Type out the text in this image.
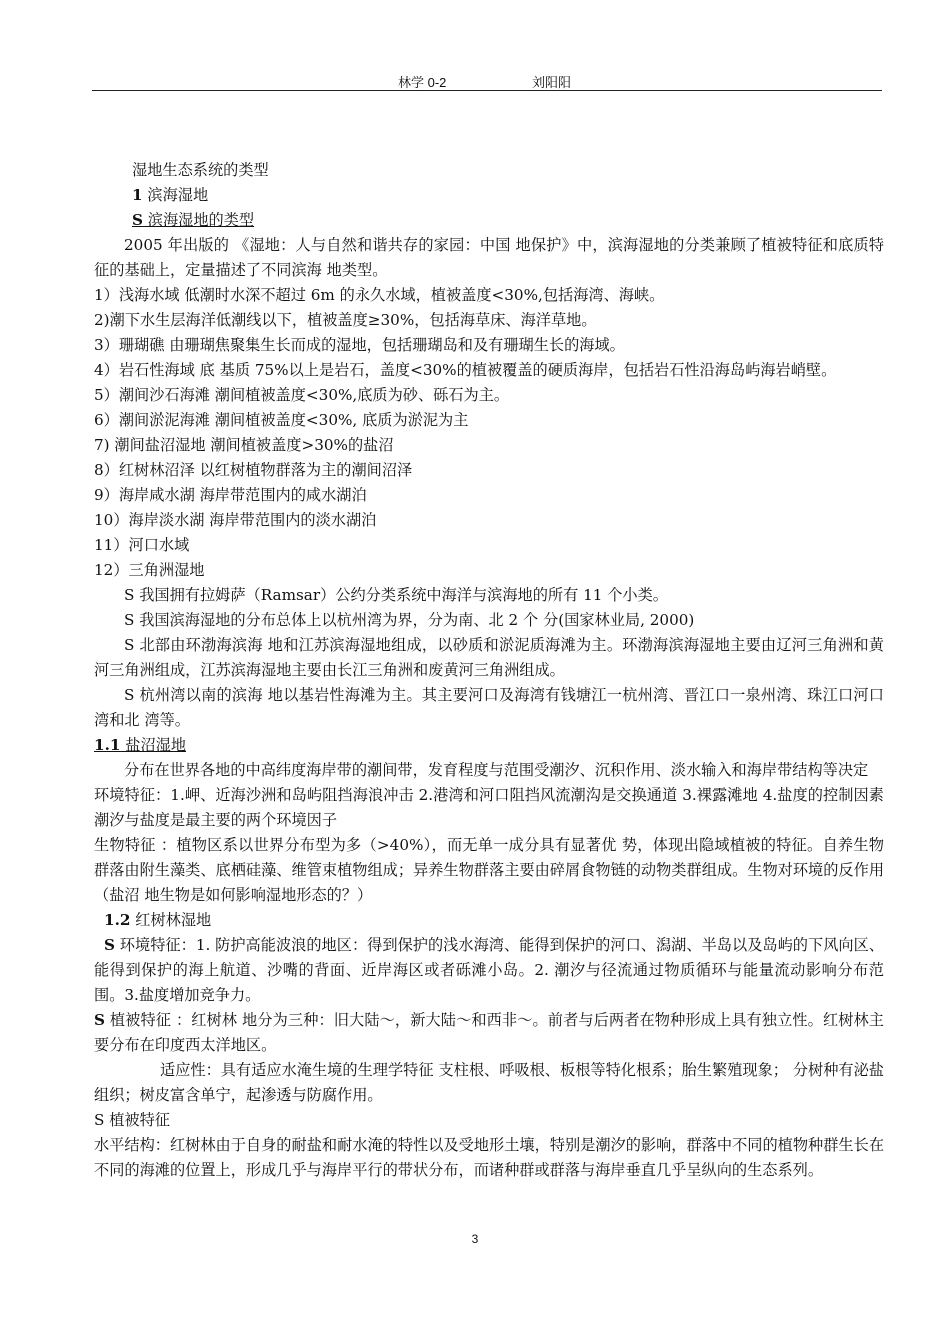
林学 0-2	刘阳阳

湿地生态系统的类型

1 滨海湿地

S 滨海湿地的类型

2005 年出版的 《湿地：人与自然和谐共存的家园：中国 地保护》中，滨海湿地的分类兼顾了植被特征和底质特征的基础上，定量描述了不同滨海 地类型。

1）浅海水域 低潮时水深不超过 6m 的永久水域，植被盖度<30%,包括海湾、海峡。

2)潮下水生层海洋低潮线以下，植被盖度≥30%，包括海草床、海洋草地。

3）珊瑚礁 由珊瑚焦聚集生长而成的湿地，包括珊瑚岛和及有珊瑚生长的海域。

4）岩石性海域 底 基质 75%以上是岩石，盖度<30%的植被覆盖的硬质海岸，包括岩石性沿海岛屿海岩峭壁。

5）潮间沙石海滩 潮间植被盖度<30%,底质为砂、砾石为主。

6）潮间淤泥海滩 潮间植被盖度<30%, 底质为淤泥为主

7) 潮间盐沼湿地 潮间植被盖度>30%的盐沼

8）红树林沼泽 以红树植物群落为主的潮间沼泽

9）海岸咸水湖 海岸带范围内的咸水湖泊

10）海岸淡水湖 海岸带范围内的淡水湖泊

11）河口水域

12）三角洲湿地

S 我国拥有拉姆萨（Ramsar）公约分类系统中海洋与滨海地的所有 11 个小类。

S 我国滨海湿地的分布总体上以杭州湾为界，分为南、北 2 个 分(国家林业局, 2000)

S 北部由环渤海滨海 地和江苏滨海湿地组成，以砂质和淤泥质海滩为主。环渤海滨海湿地主要由辽河三角洲和黄河三角洲组成，江苏滨海湿地主要由长江三角洲和废黄河三角洲组成。

S 杭州湾以南的滨海 地以基岩性海滩为主。其主要河口及海湾有钱塘江一杭州湾、晋江口一泉州湾、珠江口河口湾和北 湾等。

1.1 盐沼湿地

分布在世界各地的中高纬度海岸带的潮间带，发育程度与范围受潮汐、沉积作用、淡水输入和海岸带结构等决定

环境特征：1.岬、近海沙洲和岛屿阻挡海浪冲击 2.港湾和河口阻挡风流潮沟是交换通道 3.裸露滩地 4.盐度的控制因素 潮汐与盐度是最主要的两个环境因子

生物特征 ：植物区系以世界分布型为多（>40%），而无单一成分具有显著优 势，体现出隐域植被的特征。自养生物群落由附生藻类、底栖硅藻、维管束植物组成；异养生物群落主要由碎屑食物链的动物类群组成。生物对环境的反作用 （盐沼 地生物是如何影响湿地形态的？）

1.2 红树林湿地

S 环境特征：1. 防护高能波浪的地区：得到保护的浅水海湾、能得到保护的河口、潟湖、半岛以及岛屿的下风向区、能得到保护的海上航道、沙嘴的背面、近岸海区或者砾滩小岛。2. 潮汐与径流通过物质循环与能量流动影响分布范围。3.盐度增加竞争力。

S 植被特征 ：红树林 地分为三种：旧大陆～，新大陆～和西非～。前者与后两者在物种形成上具有独立性。红树林主要分布在印度西太洋地区。

适应性：具有适应水淹生境的生理学特征 支柱根、呼吸根、板根等特化根系；胎生繁殖现象； 分树种有泌盐组织；树皮富含单宁，起渗透与防腐作用。

S 植被特征

水平结构：红树林由于自身的耐盐和耐水淹的特性以及受地形土壤，特别是潮汐的影响，群落中不同的植物种群生长在不同的海滩的位置上，形成几乎与海岸平行的带状分布，而诸种群或群落与海岸垂直几乎呈纵向的生态系列。

3
